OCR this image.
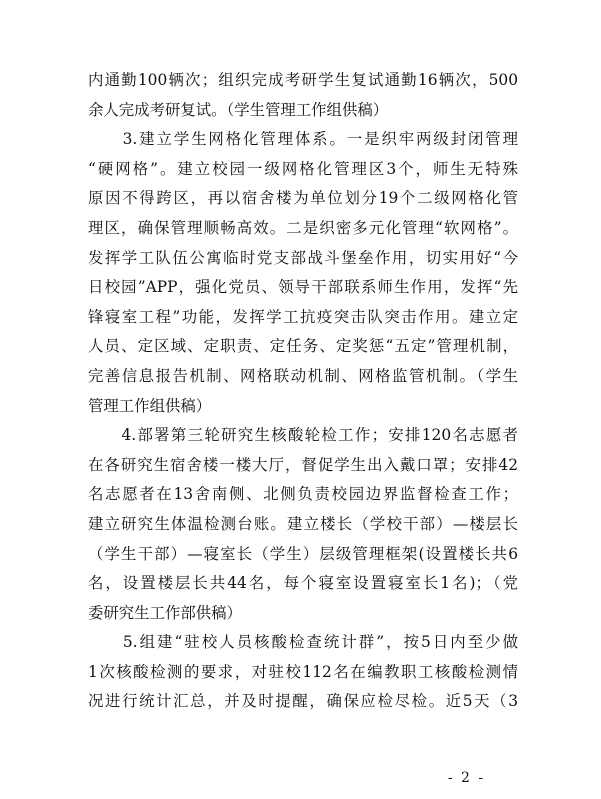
内通勤100辆次；组织完成考研学生复试通勤16辆次，500
余人完成考研复试。（学生管理工作组供稿）
　　3.建立学生网格化管理体系。一是织牢两级封闭管理
“硬网格”。建立校园一级网格化管理区3个，师生无特殊
原因不得跨区，再以宿舍楼为单位划分19个二级网格化管
理区，确保管理顺畅高效。二是织密多元化管理“软网格”。
发挥学工队伍公寓临时党支部战斗堡垒作用，切实用好“今
日校园”APP，强化党员、领导干部联系师生作用，发挥“先
锋寝室工程”功能，发挥学工抗疫突击队突击作用。建立定
人员、定区域、定职责、定任务、定奖惩“五定”管理机制，
完善信息报告机制、网格联动机制、网格监管机制。（学生
管理工作组供稿）
　　4.部署第三轮研究生核酸轮检工作；安排120名志愿者
在各研究生宿舍楼一楼大厅，督促学生出入戴口罩；安排42
名志愿者在13舍南侧、北侧负责校园边界监督检查工作；
建立研究生体温检测台账。建立楼长（学校干部）—楼层长
（学生干部）—寝室长（学生）层级管理框架(设置楼长共6
名，设置楼层长共44名，每个寝室设置寝室长1名)；（党
委研究生工作部供稿）
　　5.组建“驻校人员核酸检查统计群”，按5日内至少做
1次核酸检测的要求，对驻校112名在编教职工核酸检测情
况进行统计汇总，并及时提醒，确保应检尽检。近5天（3
- 2 -
